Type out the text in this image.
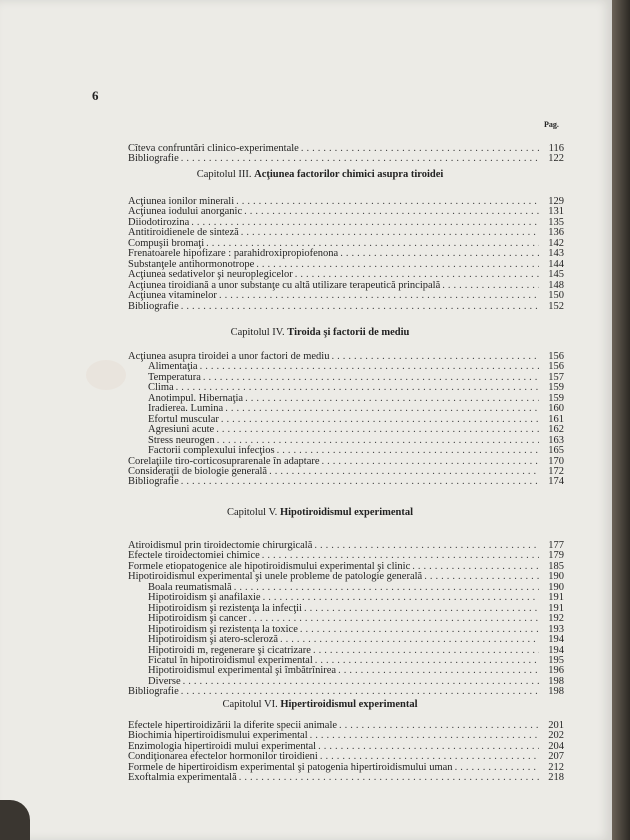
6
Pag.
Cîteva confruntări clinico-experimentale .....	116
Bibliografie .....	122
Capitolul III. Acţiunea factorilor chimici asupra tiroidei
Acţiunea ionilor minerali .....	129
Acţiunea iodului anorganic .....	131
Diiodotirozina .....	135
Antitiroidienele de sinteză .....	136
Compuşii bromaţi .....	142
Frenatoarele hipofizare : parahidroxipropiofenona .....	143
Substanţele antihormonotrope .....	144
Acţiunea sedativelor şi neuroplegicelor .....	145
Acţiunea tiroidiană a unor substanţe cu altă utilizare terapeutică principală .....	148
Acţiunea vitaminelor .....	150
Bibliografie .....	152
Capitolul IV. Tiroida şi factorii de mediu
Acţiunea asupra tiroidei a unor factori de mediu .....	156
Alimentaţia .....	156
Temperatura .....	157
Clima .....	159
Anotimpul. Hibernaţia .....	159
Iradierea. Lumina .....	160
Efortul muscular .....	161
Agresiuni acute .....	162
Stress neurogen .....	163
Factorii complexului infecţios .....	165
Corelaţiile tiro-corticosuprarenale în adaptare .....	170
Consideraţii de biologie generală .....	172
Bibliografie .....	174
Capitolul V. Hipotiroidismul experimental
Atiroidismul prin tiroidectomie chirurgicală .....	177
Efectele tiroidectomiei chimice .....	179
Formele etiopatogenice ale hipotiroidismului experimental şi clinic .....	185
Hipotiroidismul experimental şi unele probleme de patologie generală .....	190
Boala reumatismală .....	190
Hipotiroidism şi anafilaxie .....	191
Hipotiroidism şi rezistenţa la infecţii .....	191
Hipotiroidism şi cancer .....	192
Hipotiroidism şi rezistenţa la toxice .....	193
Hipotiroidism şi atero-scleroză .....	194
Hipotiroidi m, regenerare şi cicatrizare .....	194
Ficatul în hipotiroidismul experimental .....	195
Hipotiroidismul experimental şi îmbătrînirea .....	196
Diverse .....	198
Bibliografie .....	198
Capitolul VI. Hipertiroidismul experimental
Efectele hipertiroidizării la diferite specii animale .....	201
Biochimia hipertiroidismului experimental .....	202
Enzimologia hipertiroidi mului experimental .....	204
Condiţionarea efectelor hormonilor tiroidieni .....	207
Formele de hipertiroidism experimental şi patogenia hipertiroidismului uman .....	212
Exoftalmia experimentală .....	218
